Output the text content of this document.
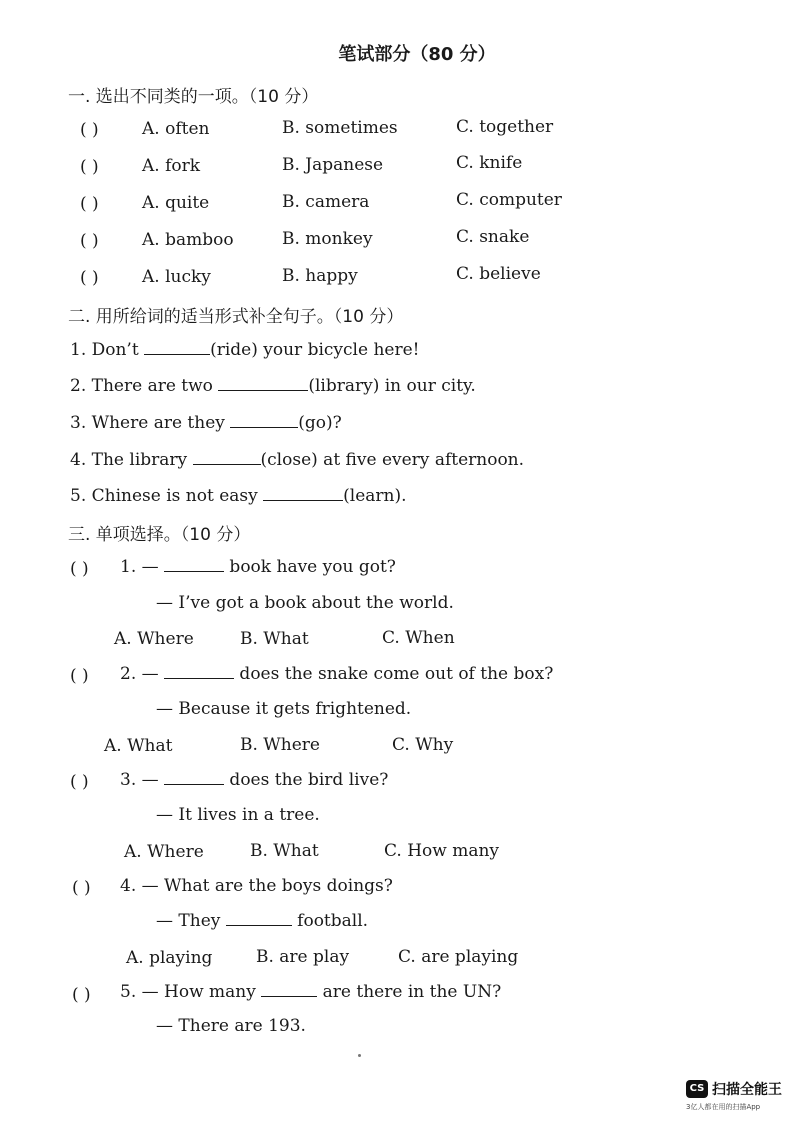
笔试部分（80 分）
一. 选出不同类的一项。（10 分）
( )	A. often	B. sometimes	C. together
( )	A. fork	B. Japanese	C. knife
( )	A. quite	B. camera	C. computer
( )	A. bamboo	B. monkey	C. snake
( )	A. lucky	B. happy	C. believe
二. 用所给词的适当形式补全句子。（10 分）
1. Don’t	(ride) your bicycle here!
2. There are two	(library) in our city.
3. Where are they	(go)?
4. The library	(close) at five every afternoon.
5. Chinese is not easy	(learn).
三. 单项选择。（10 分）
( ) 1. —	book have you got?
— I’ve got a book about the world.
A. Where	B. What	C. When
( ) 2. —	does the snake come out of the box?
— Because it gets frightened.
A. What	B. Where	C. Why
( ) 3. —	does the bird live?
— It lives in a tree.
A. Where	B. What	C. How many
( ) 4. — What are the boys doings?
— They	football.
A. playing	B. are play	C. are playing
( ) 5. — How many	are there in the UN?
— There are 193.
CS 扫描全能王
3亿人都在用的扫描App
